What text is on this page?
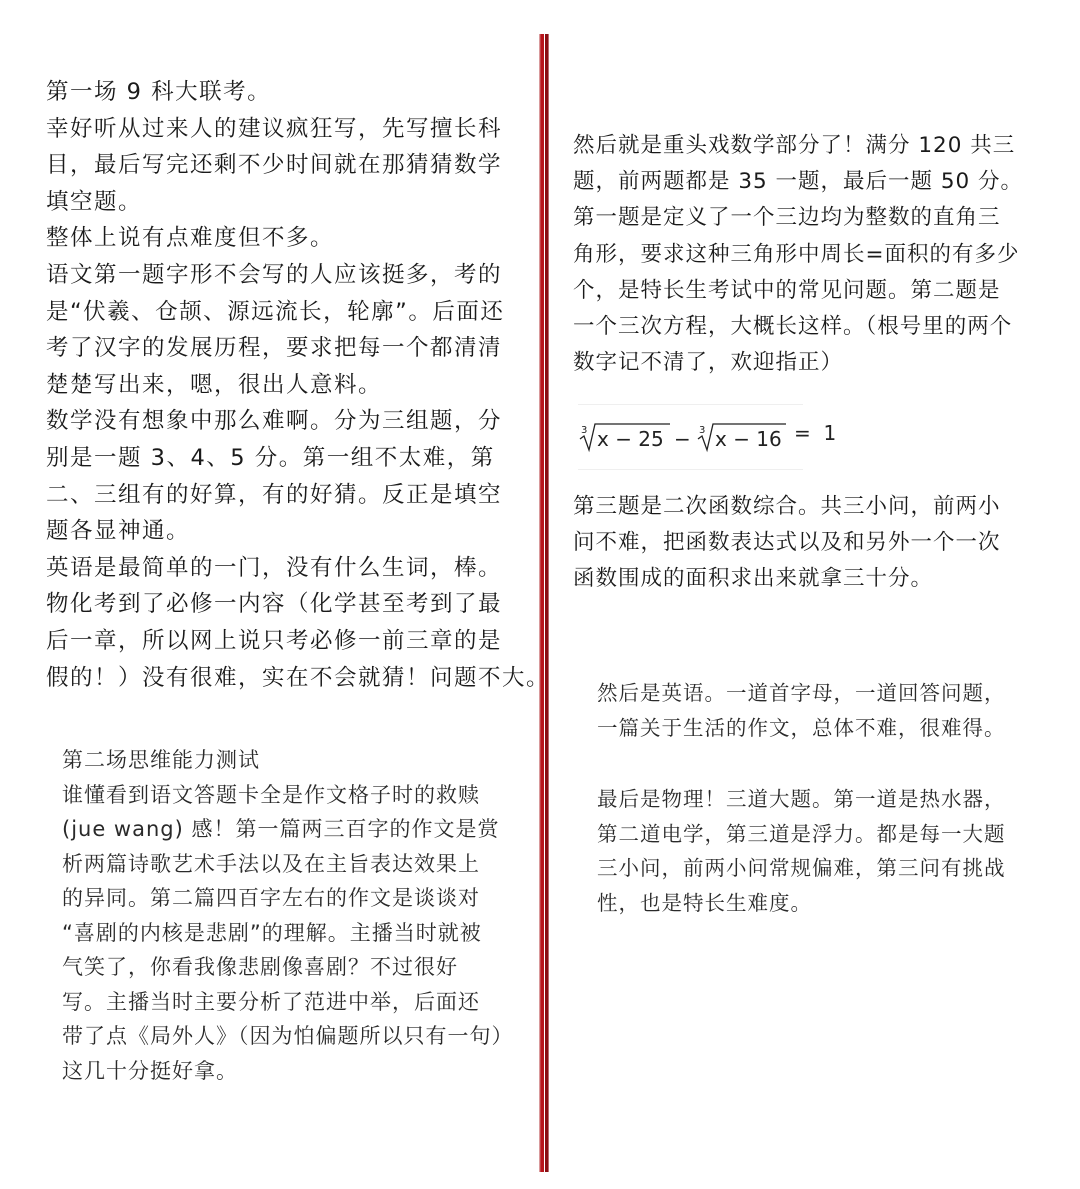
第一场 9 科大联考。

幸好听从过来人的建议疯狂写，先写擅长科

目，最后写完还剩不少时间就在那猜猜数学

填空题。

整体上说有点难度但不多。

语文第一题字形不会写的人应该挺多，考的

是“伏羲、仓颉、源远流长，轮廓”。后面还

考了汉字的发展历程，要求把每一个都清清

楚楚写出来，嗯，很出人意料。

数学没有想象中那么难啊。分为三组题，分

别是一题 3、4、5 分。第一组不太难，第

二、三组有的好算，有的好猜。反正是填空

题各显神通。

英语是最简单的一门，没有什么生词，棒。

物化考到了必修一内容（化学甚至考到了最

后一章，所以网上说只考必修一前三章的是

假的！）没有很难，实在不会就猜！问题不大。

第二场思维能力测试

谁懂看到语文答题卡全是作文格子时的救赎

(jue wang) 感！第一篇两三百字的作文是赏

析两篇诗歌艺术手法以及在主旨表达效果上

的异同。第二篇四百字左右的作文是谈谈对

“喜剧的内核是悲剧”的理解。主播当时就被

气笑了，你看我像悲剧像喜剧？不过很好

写。主播当时主要分析了范进中举，后面还

带了点《局外人》（因为怕偏题所以只有一句）

这几十分挺好拿。

然后就是重头戏数学部分了！满分 120 共三

题，前两题都是 35 一题，最后一题 50 分。

第一题是定义了一个三边均为整数的直角三

角形，要求这种三角形中周长=面积的有多少

个，是特长生考试中的常见问题。第二题是

一个三次方程，大概长这样。（根号里的两个

数字记不清了，欢迎指正）

3 x − 25 − 3 x − 16 = 1

第三题是二次函数综合。共三小问，前两小

问不难，把函数表达式以及和另外一个一次

函数围成的面积求出来就拿三十分。

然后是英语。一道首字母，一道回答问题，

一篇关于生活的作文，总体不难，很难得。

最后是物理！三道大题。第一道是热水器，

第二道电学，第三道是浮力。都是每一大题

三小问，前两小问常规偏难，第三问有挑战

性，也是特长生难度。
